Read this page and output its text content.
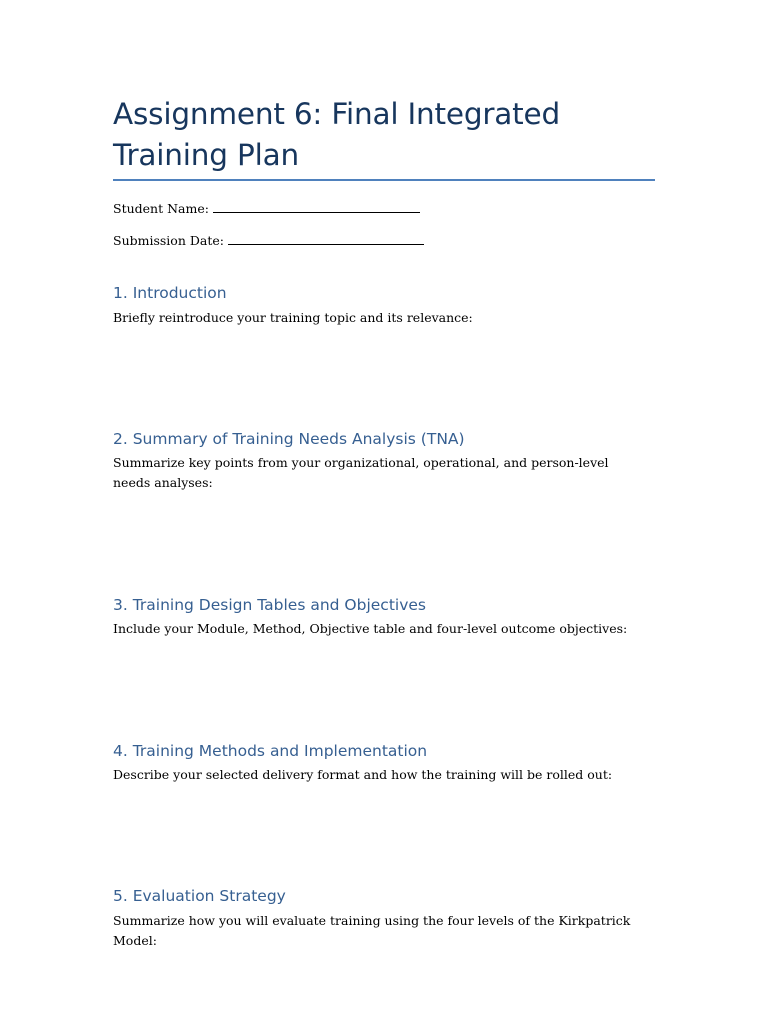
Assignment 6: Final Integrated Training Plan

Student Name:

Submission Date:

1. Introduction

Briefly reintroduce your training topic and its relevance:

2. Summary of Training Needs Analysis (TNA)

Summarize key points from your organizational, operational, and person-level needs analyses:

3. Training Design Tables and Objectives

Include your Module, Method, Objective table and four-level outcome objectives:

4. Training Methods and Implementation

Describe your selected delivery format and how the training will be rolled out:

5. Evaluation Strategy

Summarize how you will evaluate training using the four levels of the Kirkpatrick Model:
